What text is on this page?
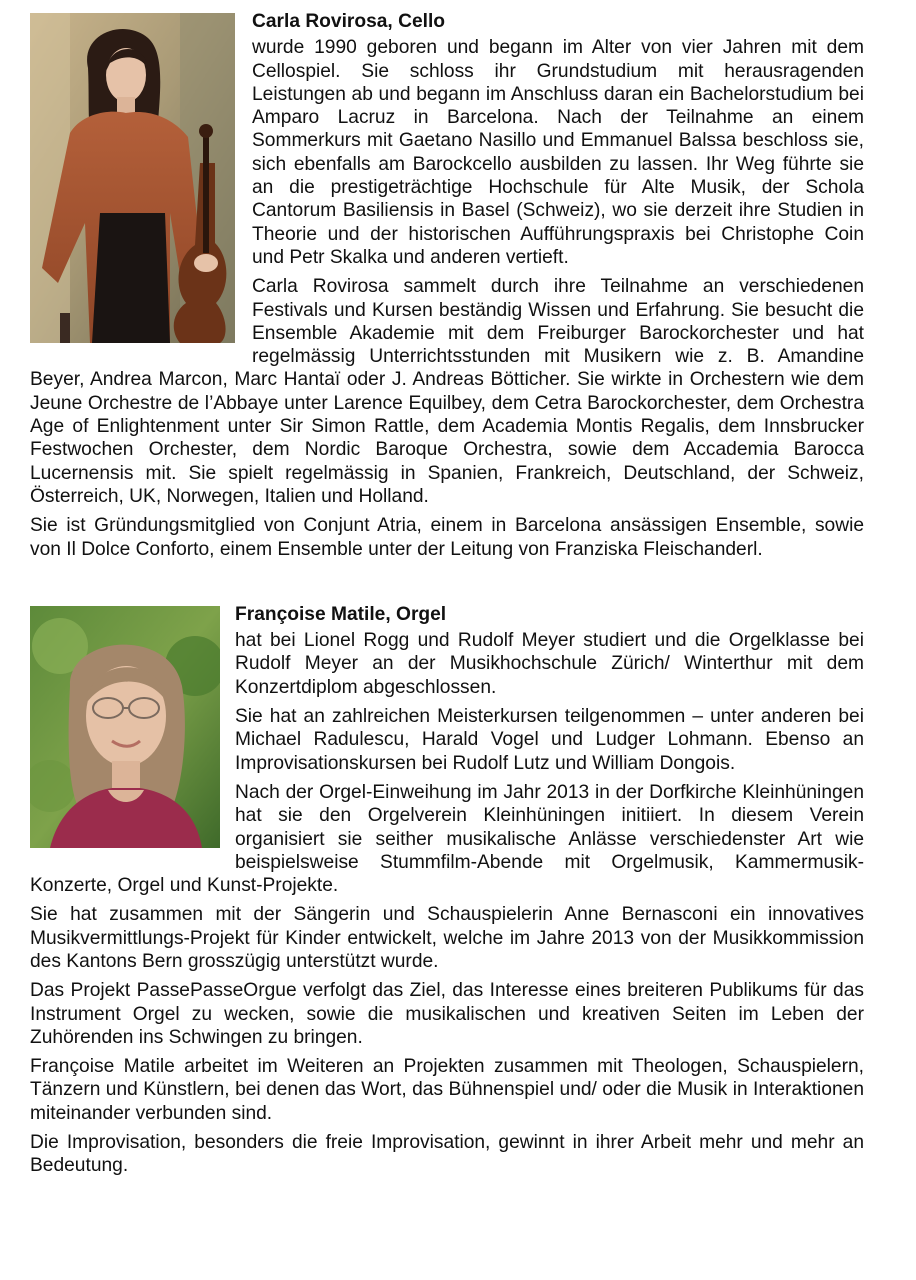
Carla Rovirosa, Cello

wurde 1990 geboren und begann im Alter von vier Jahren mit dem Cellospiel. Sie schloss ihr Grundstudium mit herausragenden Leistungen ab und begann im Anschluss daran ein Bachelorstudium bei Amparo Lacruz in Barcelona. Nach der Teilnahme an einem Sommerkurs mit Gaetano Nasillo und Emmanuel Balssa beschloss sie, sich ebenfalls am Barockcello ausbilden zu lassen. Ihr Weg führte sie an die prestigeträchtige Hochschule für Alte Musik, der Schola Cantorum Basiliensis in Basel (Schweiz), wo sie derzeit ihre Studien in Theorie und der historischen Aufführungspraxis bei Christophe Coin und Petr Skalka und anderen vertieft.

Carla Rovirosa sammelt durch ihre Teilnahme an verschiedenen Festivals und Kursen beständig Wissen und Erfahrung. Sie besucht die Ensemble Akademie mit dem Freiburger Barockorchester und hat regelmässig Unterrichtsstunden mit Musikern wie z. B. Amandine Beyer, Andrea Marcon, Marc Hantaï oder J. Andreas Bötticher. Sie wirkte in Orchestern wie dem Jeune Orchestre de l’Abbaye unter Larence Equilbey, dem Cetra Barockorchester, dem Orchestra Age of Enlightenment unter Sir Simon Rattle, dem Academia Montis Regalis, dem Innsbrucker Festwochen Orchester, dem Nordic Baroque Orchestra, sowie dem Accademia Barocca Lucernensis mit. Sie spielt regelmässig in Spanien, Frankreich, Deutschland, der Schweiz, Österreich, UK, Norwegen, Italien und Holland.

Sie ist Gründungsmitglied von Conjunt Atria, einem in Barcelona ansässigen Ensemble, sowie von Il Dolce Conforto, einem Ensemble unter der Leitung von Franziska Fleischanderl.

Françoise Matile, Orgel

hat bei Lionel Rogg und Rudolf Meyer studiert und die Orgelklasse bei Rudolf Meyer an der Musikhochschule Zürich/ Winterthur mit dem Konzertdiplom abgeschlossen.

Sie hat an zahlreichen Meisterkursen teilgenommen – unter anderen bei Michael Radulescu, Harald Vogel und Ludger Lohmann. Ebenso an Improvisationskursen bei Rudolf Lutz und William Dongois.

Nach der Orgel-Einweihung im Jahr 2013 in der Dorfkirche Kleinhüningen hat sie den Orgelverein Kleinhüningen initiiert. In diesem Verein organisiert sie seither musikalische Anlässe verschiedenster Art wie beispielsweise Stummfilm-Abende mit Orgelmusik, Kammermusik-Konzerte, Orgel und Kunst-Projekte.

Sie hat zusammen mit der Sängerin und Schauspielerin Anne Bernasconi ein innovatives Musikvermittlungs-Projekt für Kinder entwickelt, welche im Jahre 2013 von der Musikkommission des Kantons Bern grosszügig unterstützt wurde.

Das Projekt PassePasseOrgue verfolgt das Ziel, das Interesse eines breiteren Publikums für das Instrument Orgel zu wecken, sowie die musikalischen und kreativen Seiten im Leben der Zuhörenden ins Schwingen zu bringen.

Françoise Matile arbeitet im Weiteren an Projekten zusammen mit Theologen, Schauspielern, Tänzern und Künstlern, bei denen das Wort, das Bühnenspiel und/ oder die Musik in Interaktionen miteinander verbunden sind.

Die Improvisation, besonders die freie Improvisation, gewinnt in ihrer Arbeit mehr und mehr an Bedeutung.
